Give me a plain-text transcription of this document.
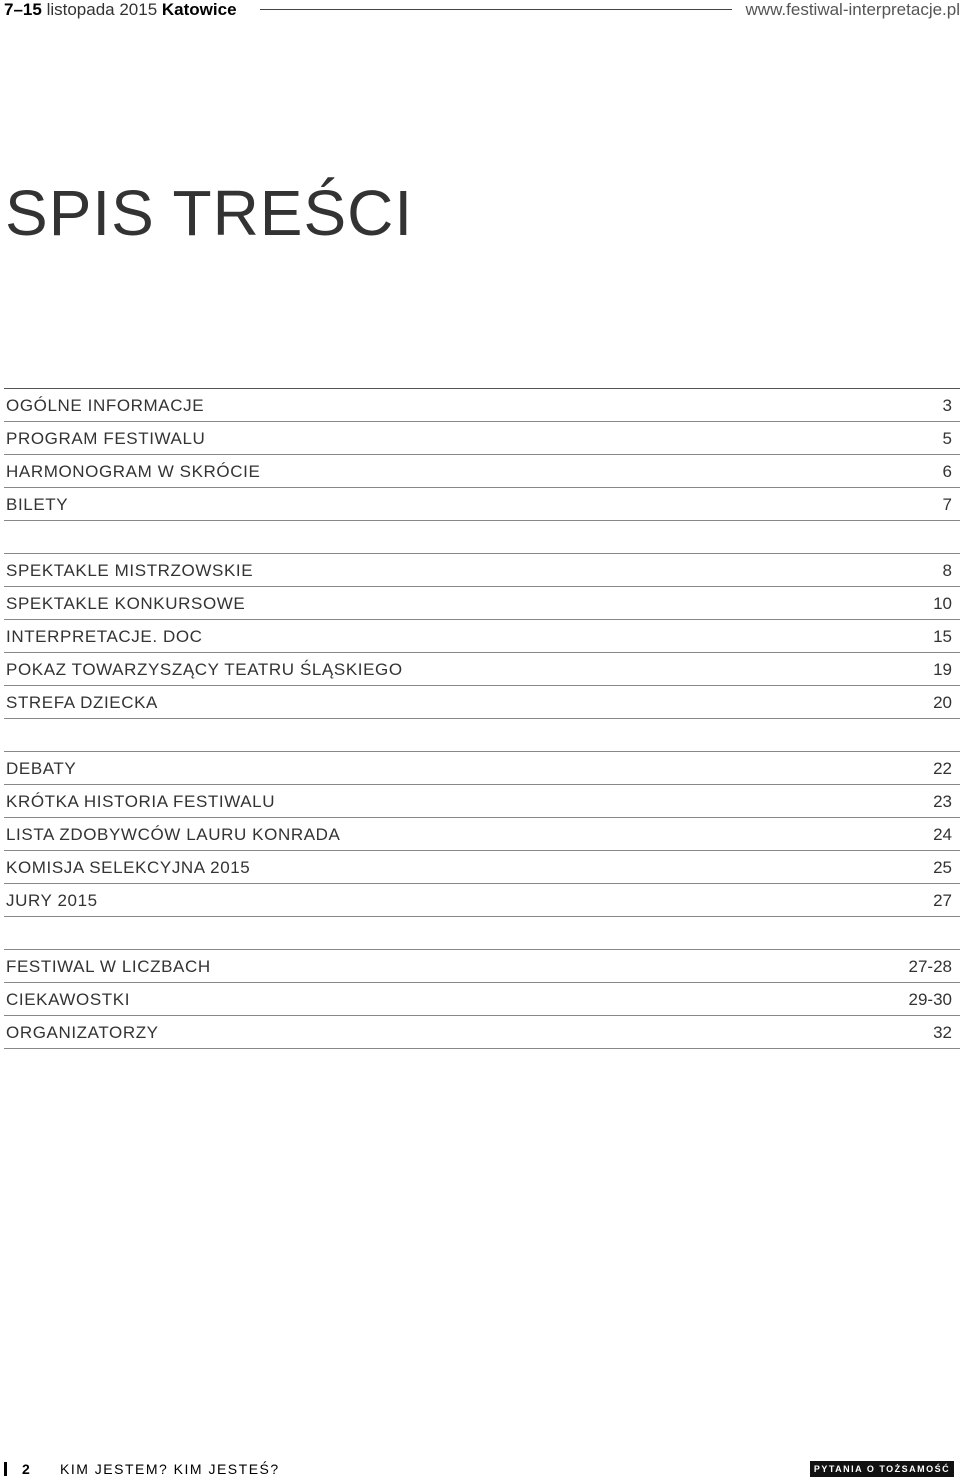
7–15 listopada 2015 Katowice	www.festiwal-interpretacje.pl
SPIS TREŚCI
OGÓLNE INFORMACJE	3
PROGRAM FESTIWALU	5
HARMONOGRAM W SKRÓCIE	6
BILETY	7
SPEKTAKLE MISTRZOWSKIE	8
SPEKTAKLE KONKURSOWE	10
INTERPRETACJE. DOC	15
POKAZ TOWARZYSZĄCY TEATRU ŚLĄSKIEGO	19
STREFA DZIECKA	20
DEBATY	22
KRÓTKA HISTORIA FESTIWALU	23
LISTA ZDOBYWCÓW LAURU KONRADA	24
KOMISJA SELEKCYJNA 2015	25
JURY 2015	27
FESTIWAL W LICZBACH	27-28
CIEKAWOSTKI	29-30
ORGANIZATORZY	32
2 KIM JESTEM? KIM JESTEŚ?	PYTANIA O TOŻSAMOŚĆ
